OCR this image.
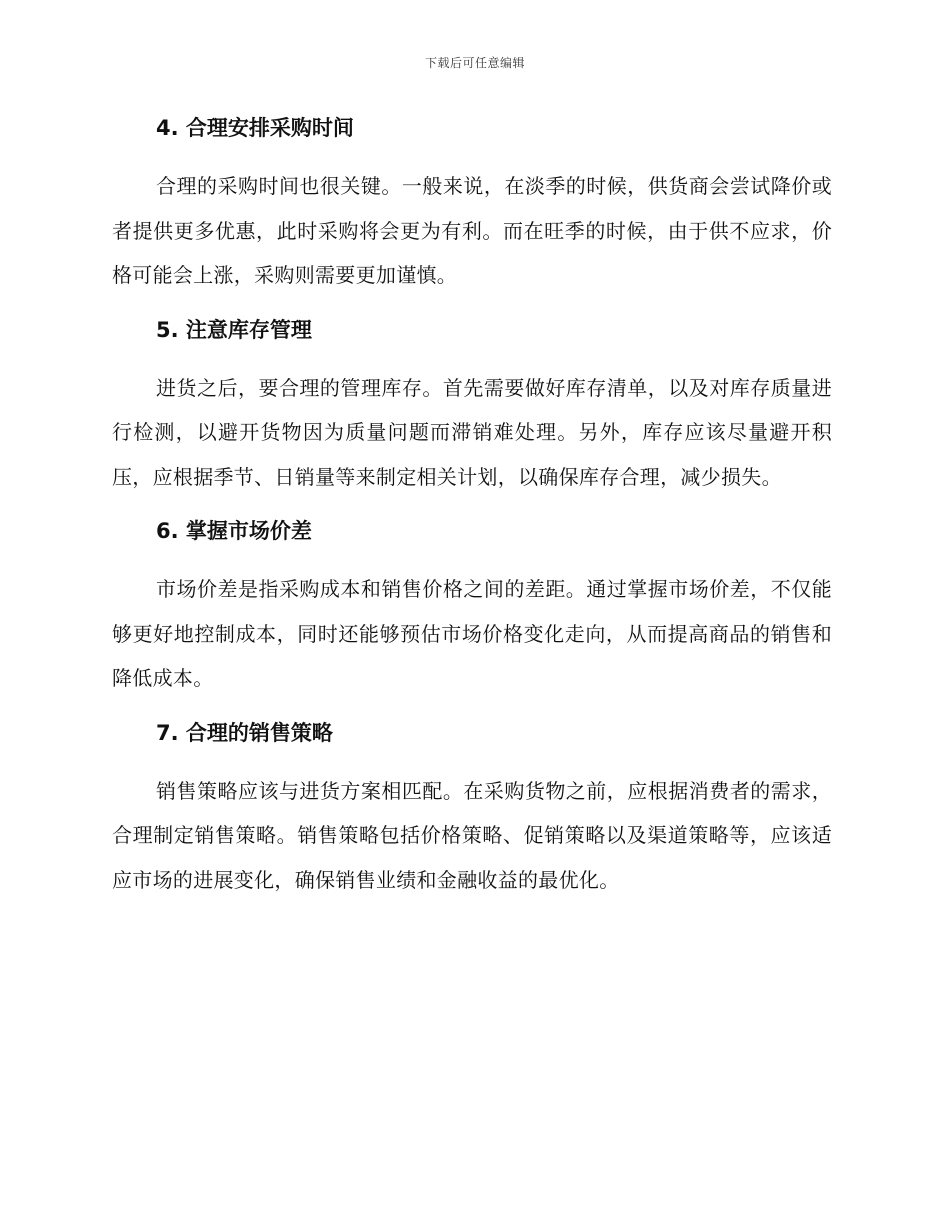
下载后可任意编辑
4. 合理安排采购时间

合理的采购时间也很关键。一般来说，在淡季的时候，供货商会尝试降价或者提供更多优惠，此时采购将会更为有利。而在旺季的时候，由于供不应求，价格可能会上涨，采购则需要更加谨慎。

5. 注意库存管理

进货之后，要合理的管理库存。首先需要做好库存清单，以及对库存质量进行检测，以避开货物因为质量问题而滞销难处理。另外，库存应该尽量避开积压，应根据季节、日销量等来制定相关计划，以确保库存合理，减少损失。

6. 掌握市场价差

市场价差是指采购成本和销售价格之间的差距。通过掌握市场价差，不仅能够更好地控制成本，同时还能够预估市场价格变化走向，从而提高商品的销售和降低成本。

7. 合理的销售策略

销售策略应该与进货方案相匹配。在采购货物之前，应根据消费者的需求，合理制定销售策略。销售策略包括价格策略、促销策略以及渠道策略等，应该适应市场的进展变化，确保销售业绩和金融收益的最优化。
